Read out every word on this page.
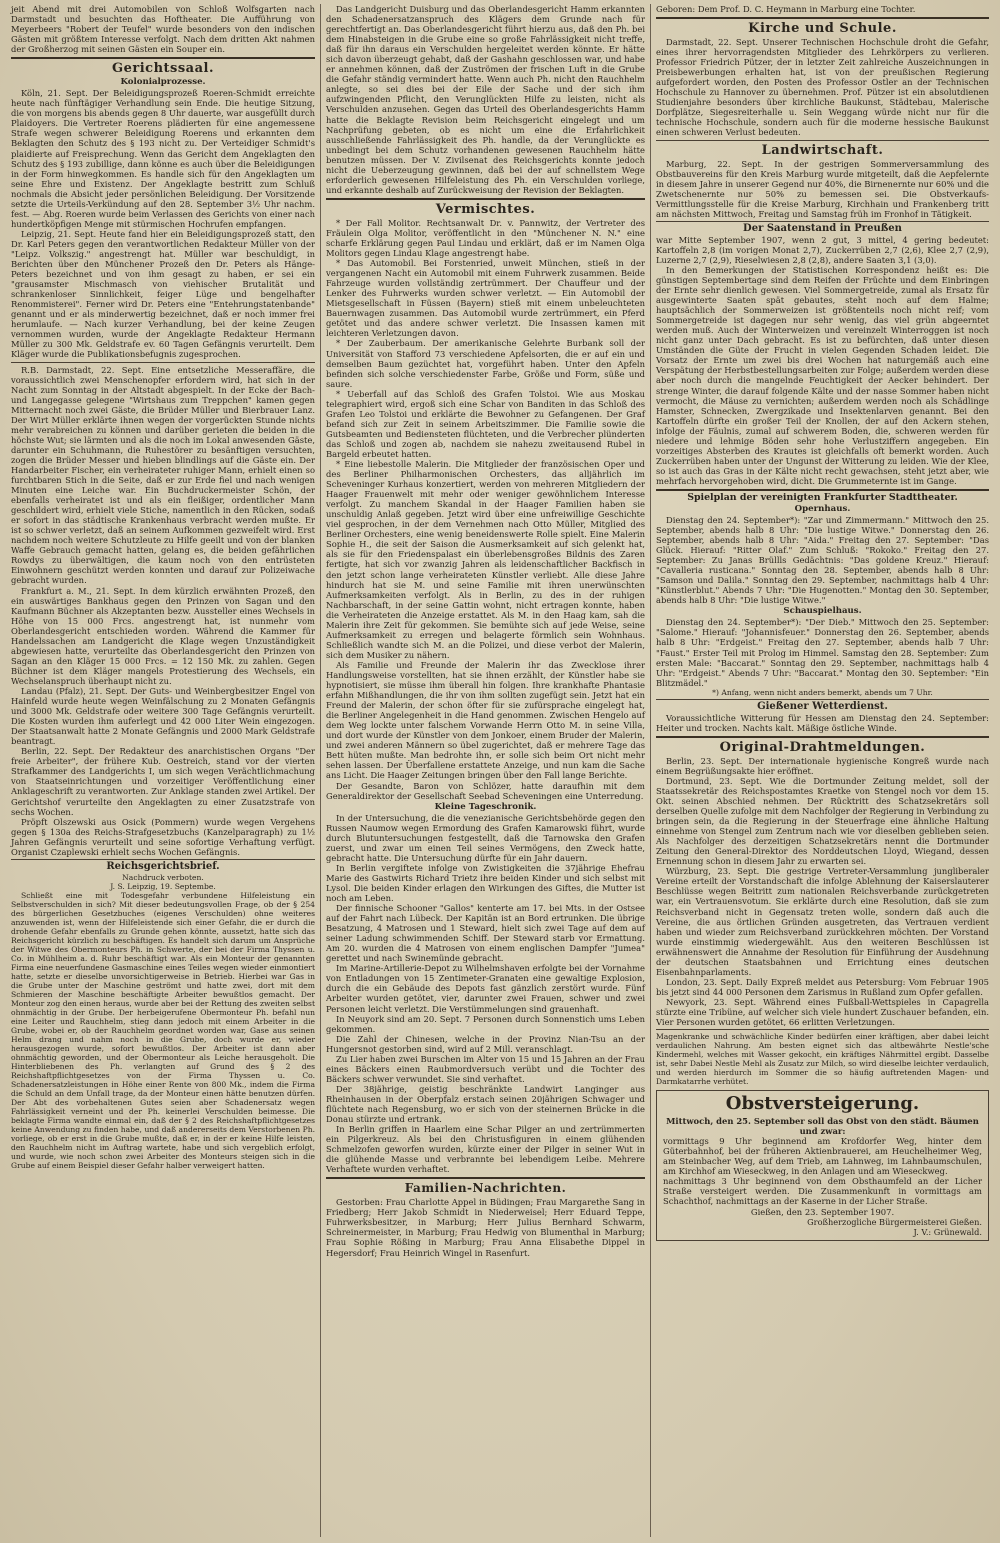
jeit Abend mit drei Automobilen von Schloß Wolfsgarten nach Darmstadt und besuchten das Hoftheater. Die Aufführung von Meyerbeers "Robert der Teufel" wurde besonders von den indischen Gästen mit größtem Interesse verfolgt. Nach dem dritten Akt nahmen der Großherzog mit seinen Gästen ein Souper ein.

Gerichtssaal.
Kolonialprozesse.

Köln, 21. Sept. Der Beleidigungsprozeß Roeren-Schmidt erreichte heute nach fünftägiger Verhandlung sein Ende. Die heutige Sitzung, die von morgens bis abends gegen 8 Uhr dauerte, war ausgefüllt durch Plaidoyers. Die Vertreter Roerens plädierten für eine angemessene Strafe wegen schwerer Beleidigung Roerens und erkannten dem Beklagten den Schutz des § 193 nicht zu. Der Verteidiger Schmidt's plaidierte auf Freisprechung. Wenn das Gericht dem Angeklagten den Schutz des § 193 zubillige, dann könne es auch über die Beleidigungen in der Form hinwegkommen. Es handle sich für den Angeklagten um seine Ehre und Existenz. Der Angeklagte bestritt zum Schluß nochmals die Absicht jeder persönlichen Beleidigung. Der Vorsitzende setzte die Urteils-Verkündung auf den 28. September 3½ Uhr nachm. fest. — Abg. Roeren wurde beim Verlassen des Gerichts von einer nach hundertköpfigen Menge mit stürmischen Hochrufen empfangen.

Leipzig, 21. Sept. Heute fand hier ein Beleidigungsprozeß statt, den Dr. Karl Peters gegen den verantwortlichen Redakteur Müller von der "Leipz. Volkszig." angestrengt hat. Müller war beschuldigt, in Berichten über den Münchener Prozeß den Dr. Peters als Hänge-Peters bezeichnet und von ihm gesagt zu haben, er sei ein "grausamster Mischmasch von viehischer Brutalität und schrankenloser Sinnlichkeit, feiger Lüge und bengelhafter Renommisterei". Ferner wird Dr. Peters eine "Entehrungstatenbande" genannt und er als minderwertig bezeichnet, daß er noch immer frei herumlaufe. — Nach kurzer Verhandlung, bei der keine Zeugen vernommen wurden, wurde der Angeklagte Redakteur Hermann Müller zu 300 Mk. Geldstrafe ev. 60 Tagen Gefängnis verurteilt. Dem Kläger wurde die Publikationsbefugnis zugesprochen.

R.B. Darmstadt, 22. Sept. Eine entsetzliche Messeraffäre, die voraussichtlich zwei Menschenopfer erfordern wird, hat sich in der Nacht zum Sonntag in der Altstadt abgespielt. In der Ecke der Bach- und Langegasse gelegene "Wirtshaus zum Treppchen" kamen gegen Mitternacht noch zwei Gäste, die Brüder Müller und Bierbrauer Lanz. Der Wirt Müller erklärte ihnen wegen der vorgerückten Stunde nichts mehr verabreichen zu können und darüber gerieten die beiden in die höchste Wut; sie lärmten und als die noch im Lokal anwesenden Gäste, darunter ein Schuhmann, die Ruhestörer zu besänftigen versuchten, zogen die Brüder Messer und hieben blindlings auf die Gäste ein. Der Handarbeiter Fischer, ein verheirateter ruhiger Mann, erhielt einen so furchtbaren Stich in die Seite, daß er zur Erde fiel und nach wenigen Minuten eine Leiche war. Ein Buchdruckermeister Schön, der ebenfalls verheiratet ist und als ein fleißiger, ordentlicher Mann geschildert wird, erhielt viele Stiche, namentlich in den Rücken, sodaß er sofort in das städtische Krankenhaus verbracht werden mußte. Er ist so schwer verletzt, daß an seinem Aufkommen gezweifelt wird. Erst nachdem noch weitere Schutzleute zu Hilfe geeilt und von der blanken Waffe Gebrauch gemacht hatten, gelang es, die beiden gefährlichen Rowdys zu überwältigen, die kaum noch von den entrüsteten Einwohnern geschützt werden konnten und darauf zur Polizeiwache gebracht wurden.

Frankfurt a. M., 21. Sept. In dem kürzlich erwähnten Prozeß, den ein auswärtiges Bankhaus gegen den Prinzen von Sagan und den Kaufmann Büchner als Akzeptanten bezw. Aussteller eines Wechsels in Höhe von 15 000 Frcs. angestrengt hat, ist nunmehr vom Oberlandesgericht entschieden worden. Während die Kammer für Handelssachen am Landgericht die Klage wegen Unzuständigkeit abgewiesen hatte, verurteilte das Oberlandesgericht den Prinzen von Sagan an den Kläger 15 000 Frcs. = 12 150 Mk. zu zahlen. Gegen Büchner ist dem Kläger mangels Protestierung des Wechsels, ein Wechselanspruch überhaupt nicht zu.

Landau (Pfalz), 21. Sept. Der Guts- und Weinbergbesitzer Engel von Hainfeld wurde heute wegen Weinfälschung zu 2 Monaten Gefängnis und 3000 Mk. Geldstrafe oder weitere 300 Tage Gefängnis verurteilt. Die Kosten wurden ihm auferlegt und 42 000 Liter Wein eingezogen. Der Staatsanwalt hatte 2 Monate Gefängnis und 2000 Mark Geldstrafe beantragt.

Berlin, 22. Sept. Der Redakteur des anarchistischen Organs "Der freie Arbeiter", der frühere Kub. Oestreich, stand vor der vierten Strafkammer des Landgerichts I, um sich wegen Verächtlichmachung von Staatseinrichtungen und vorzeitiger Veröffentlichung einer Anklageschrift zu verantworten. Zur Anklage standen zwei Artikel. Der Gerichtshof verurteilte den Angeklagten zu einer Zusatzstrafe von sechs Wochen.

Pröpft Olszewski aus Osick (Pommern) wurde wegen Vergehens gegen § 130a des Reichs-Strafgesetzbuchs (Kanzelparagraph) zu 1½ Jahren Gefängnis verurteilt und seine sofortige Verhaftung verfügt. Organist Czaplewski erhielt sechs Wochen Gefängnis.

Reichsgerichtsbrief.

Nachdruck verboten.

J. S. Leipzig, 19. Septembe.

Schließt eine mit Todesgefahr verbundene Hilfeleistung ein Selbstverschulden in sich? Mit dieser bedeutungsvollen Frage, ob der § 254 des bürgerlichen Gesetzbuches (eigenes Verschulden) ohne weiteres anzuwenden ist, wenn der Hilfeleistende sich einer Gefahr, die er durch die drohende Gefahr ebenfalls zu Grunde gehen könnte, aussetzt, hatte sich das Reichsgericht kürzlich zu beschäftigen. Es handelt sich darum um Ansprüche der Witwe des Obermonteurs Ph. in Schwerte, der bei der Firma Thyssen u. Co. in Mühlheim a. d. Ruhr beschäftigt war. Als ein Monteur der genannten Firma eine neuerfundene Gasmaschine eines Teiles wegen wieder einmontiert hatte, setzte er dieselbe unvorsichtigerweise in Betrieb. Hierbei war Gas in die Grube unter der Maschine geströmt und hatte zwei, dort mit dem Schmieren der Maschine beschäftigte Arbeiter bewußtlos gemacht. Der Monteur zog den einen heraus, wurde aber bei der Rettung des zweiten selbst ohnmächtig in der Grube. Der herbeigerufene Obermonteur Ph. befahl nun eine Leiter und Rauchhelm, stieg dann jedoch mit einem Arbeiter in die Grube, wobei er, ob der Rauchhelm geordnet worden war, Gase aus seinen Helm drang und nahm noch in die Grube, doch wurde er, wieder herausgezogen wurde, sofort bewußtlos. Der Arbeiter ist dann aber ohnmächtig geworden, und der Obermonteur als Leiche herausgeholt. Die Hinterbliebenen des Ph. verlangten auf Grund des § 2 des Reichshaftpflichtgesetzes von der Firma Thyssen u. Co. Schadenersatzleistungen in Höhe einer Rente von 800 Mk., indem die Firma die Schuld an dem Unfall trage, da der Monteur einen hätte benutzen dürfen. Der Abt des vorbehaltenen Gutes seien aber Schadenersatz wegen Fahrlässigkeit verneint und der Ph. keinerlei Verschulden beimesse. Die beklagte Firma wandte einmal ein, daß der § 2 des Reichshaftpflichtgesetzes keine Anwendung zu finden habe, und daß andererseits dem Verstorbenen Ph. vorliege, ob er erst in die Grube mußte, daß er, in der er keine Hilfe leisten, den Rauchhelm nicht im Auftrag wartete, habe und sich vergeblich erfolgt, und wurde, wie noch schon zwei Arbeiter des Monteurs steigen sich in die Grube auf einem Beispiel dieser Gefahr halber verweigert hatten.

Das Landgericht Duisburg und das Oberlandesgericht Hamm erkannten den Schadenersatzanspruch des Klägers dem Grunde nach für gerechtfertigt an. Das Oberlandesgericht führt hierzu aus, daß den Ph. bei dem Hinabsteigen in die Grube eine so große Fahrlässigkeit nicht treffe, daß für ihn daraus ein Verschulden hergeleitet werden könnte. Er hätte sich davon überzeugt gehabt, daß der Gashahn geschlossen war, und habe er annehmen können, daß der Zuströmen der frischen Luft in die Grube die Gefahr ständig vermindert hatte. Wenn auch Ph. nicht den Rauchhelm anlegte, so sei dies bei der Eile der Sache und der sich ihm aufzwingenden Pflicht, den Verunglückten Hilfe zu leisten, nicht als Verschulden anzusehen. Gegen das Urteil des Oberlandesgerichts Hamm hatte die Beklagte Revision beim Reichsgericht eingelegt und um Nachprüfung gebeten, ob es nicht um eine die Erfahrlichkeit ausschließende Fahrlässigkeit des Ph. handle, da der Verunglückte es unbedingt bei dem Schutz vorhandenen gewesenen Rauchhelm hätte benutzen müssen. Der V. Zivilsenat des Reichsgerichts konnte jedoch nicht die Ueberzeugung gewinnen, daß bei der auf schnellstem Wege erforderlich gewesenen Hilfeleistung des Ph. ein Verschulden vorliege, und erkannte deshalb auf Zurückweisung der Revision der Beklagten.

Vermischtes.

* Der Fall Molitor. Rechtsanwalt Dr. v. Pannwitz, der Vertreter des Fräulein Olga Molitor, veröffentlicht in den "Münchener N. N." eine scharfe Erklärung gegen Paul Lindau und erklärt, daß er im Namen Olga Molitors gegen Lindau Klage angestrengt habe.

* Das Automobil. Bei Forstenried, unweit München, stieß in der vergangenen Nacht ein Automobil mit einem Fuhrwerk zusammen. Beide Fahrzeuge wurden vollständig zertrümmert. Der Chauffeur und der Lenker des Fuhrwerks wurden schwer verletzt. — Ein Automobil der Mietsgesellschaft in Füssen (Bayern) stieß mit einem unbeleuchteten Bauernwagen zusammen. Das Automobil wurde zertrümmert, ein Pferd getötet und das andere schwer verletzt. Die Insassen kamen mit leichteren Verletzungen davon.

* Der Zauberbaum. Der amerikanische Gelehrte Burbank soll der Universität von Stafford 73 verschiedene Apfelsorten, die er auf ein und demselben Baum gezüchtet hat, vorgeführt haben. Unter den Apfeln befinden sich solche verschiedenster Farbe, Größe und Form, süße und saure.

* Ueberfall auf das Schloß des Grafen Tolstoi. Wie aus Moskau telegraphiert wird, ergoß sich eine Schar von Banditen in das Schloß des Grafen Leo Tolstoi und erklärte die Bewohner zu Gefangenen. Der Graf befand sich zur Zeit in seinem Arbeitszimmer. Die Familie sowie die Gutsbeamten und Bediensteten flüchteten, und die Verbrecher plünderten das Schloß und zogen ab, nachdem sie nahezu zweitausend Rubel in Bargeld erbeutet hatten.

* Eine liebestolle Malerin. Die Mitglieder der französischen Oper und des Berliner Philharmonischen Orchesters, das alljährlich im Scheveninger Kurhaus konzertiert, werden von mehreren Mitgliedern der Haager Frauenwelt mit mehr oder weniger gewöhnlichem Interesse verfolgt. Zu manchem Skandal in der Haager Familien haben sie unschuldig Anlaß gegeben. Jetzt wird über eine unfreiwillige Geschichte viel gesprochen, in der dem Vernehmen nach Otto Müller, Mitglied des Berliner Orchesters, eine wenig beneidenswerte Rolle spielt. Eine Malerin Sophie H., die seit der Saison die Ausmerksamkeit auf sich gelenkt hat, als sie für den Friedenspalast ein überlebensgroßes Bildnis des Zaren fertigte, hat sich vor zwanzig Jahren als leidenschaftlicher Backfisch in den jetzt schon lange verheirateten Künstler verliebt. Alle diese Jahre hindurch hat sie M. und seine Familie mit ihren unerwünschten Aufmerksamkeiten verfolgt. Als in Berlin, zu des in der ruhigen Nachbarschaft, in der seine Gattin wohnt, nicht ertragen konnte, haben die Verheirateten die Anzeige erstattet. Als M. in den Haag kam, sah die Malerin ihre Zeit für gekommen. Sie bemühte sich auf jede Weise, seine Aufmerksamkeit zu erregen und belagerte förmlich sein Wohnhaus. Schließlich wandte sich M. an die Polizei, und diese verbot der Malerin, sich dem Musiker zu nähern.

Als Familie und Freunde der Malerin ihr das Zwecklose ihrer Handlungsweise vorstellten, hat sie ihnen erzählt, der Künstler habe sie hypnotisiert, sie müsse ihm überall hin folgen. Ihre krankhafte Phantasie erfahn Mißhandlungen, die ihr von ihm sollten zugefügt sein. Jetzt hat ein Freund der Malerin, der schon öfter für sie zufürsprache eingelegt hat, die Berliner Angelegenheit in die Hand genommen. Zwischen Hengelo auf dem Weg lockte unter falschem Vorwande Herrn Otto M. in seine Villa, und dort wurde der Künstler von dem Jonkoer, einem Bruder der Malerin, und zwei anderen Männern so übel zugerichtet, daß er mehrere Tage das Bett hüten mußte. Man bedrohte ihn, er solle sich beim Ort nicht mehr sehen lassen. Der Überfallene erstattete Anzeige, und nun kam die Sache ans Licht. Die Haager Zeitungen bringen über den Fall lange Berichte.

Der Gesandte, Baron von Schlözer, hatte daraufhin mit dem Generaldirektor der Gesellschaft Seebad Scheveningen eine Unterredung.

Kleine Tageschronik.

In der Untersuchung, die die venezianische Gerichtsbehörde gegen den Russen Naumow wegen Ermordung des Grafen Kamarowski führt, wurde durch Blutuntersuchungen festgestellt, daß die Tarnowska den Grafen zuerst, und zwar um einen Teil seines Vermögens, den Zweck hatte, gebracht hatte. Die Untersuchung dürfte für ein Jahr dauern.

In Berlin vergiftete infolge von Zwistigkeiten die 37jährige Ehefrau Marie des Gastwirts Richard Trietz ihre beiden Kinder und sich selbst mit Lysol. Die beiden Kinder erlagen den Wirkungen des Giftes, die Mutter ist noch am Leben.

Der finnische Schooner "Gallos" kenterte am 17. bei Mts. in der Ostsee auf der Fahrt nach Lübeck. Der Kapitän ist an Bord ertrunken. Die übrige Besatzung, 4 Matrosen und 1 Steward, hielt sich zwei Tage auf dem auf seiner Ladung schwimmenden Schiff. Der Steward starb vor Ermattung. Am 20. wurden die 4 Matrosen von einem englischen Dampfer "Jumea" gerettet und nach Swinemünde gebracht.

Im Marine-Artillerie-Depot zu Wilhelmshaven erfolgte bei der Vornahme von Entladungen von 15 Zentimeter-Granaten eine gewaltige Explosion, durch die ein Gebäude des Depots fast gänzlich zerstört wurde. Fünf Arbeiter wurden getötet, vier, darunter zwei Frauen, schwer und zwei Personen leicht verletzt. Die Verstümmelungen sind grauenhaft.

In Neuyork sind am 20. Sept. 7 Personen durch Sonnenstich ums Leben gekommen.

Die Zahl der Chinesen, welche in der Provinz Nian-Tsu an der Hungersnot gestorben sind, wird auf 2 Mill. veranschlagt.

Zu Lier haben zwei Burschen im Alter von 15 und 15 Jahren an der Frau eines Bäckers einen Raubmordversuch verübt und die Tochter des Bäckers schwer verwundet. Sie sind verhaftet.

Der 38jährige, geistig beschränkte Landwirt Langinger aus Rheinhausen in der Oberpfalz erstach seinen 20jährigen Schwager und flüchtete nach Regensburg, wo er sich von der steinernen Brücke in die Donau stürzte und ertrank.

In Berlin griffen in Haarlem eine Schar Pilger an und zertrümmerten ein Pilgerkreuz. Als bei den Christusfiguren in einem glühenden Schmelzofen geworfen wurden, kürzte einer der Pilger in seiner Wut in die glühende Masse und verbrannte bei lebendigem Leibe. Mehrere Verhaftete wurden verhaftet.

Familien-Nachrichten.

Gestorben: Frau Charlotte Appel in Büdingen; Frau Margarethe Sang in Friedberg; Herr Jakob Schmidt in Niederweisel; Herr Eduard Teppe, Fuhrwerksbesitzer, in Marburg; Herr Julius Bernhard Schwarm, Schreinermeister, in Marburg; Frau Hedwig von Blumenthal in Marburg; Frau Sophie Rößing in Marburg; Frau Anna Elisabethe Dippel in Hegersdorf; Frau Heinrich Wingel in Rasenfurt.

Geboren: Dem Prof. D. C. Heymann in Marburg eine Tochter.

Kirche und Schule.

Darmstadt, 22. Sept. Unserer Technischen Hochschule droht die Gefahr, eines ihrer hervorragendsten Mitglieder des Lehrkörpers zu verlieren. Professor Friedrich Pützer, der in letzter Zeit zahlreiche Auszeichnungen in Preisbewerbungen erhalten hat, ist von der preußischen Regierung aufgefordert worden, den Posten des Professor Ostler an der Technischen Hochschule zu Hannover zu übernehmen. Prof. Pützer ist ein absolutdienen Studienjahre besonders über kirchliche Baukunst, Städtebau, Malerische Dorfplätze, Siegesreiterhalle u. Sein Weggang würde nicht nur für die technische Hochschule, sondern auch für die moderne hessische Baukunst einen schweren Verlust bedeuten.

Landwirtschaft.

Marburg, 22. Sept. In der gestrigen Sommerversammlung des Obstbauvereins für den Kreis Marburg wurde mitgeteilt, daß die Aepfelernte in diesem Jahre in unserer Gegend nur 40%, die Birnenernte nur 60% und die Zwetschenernte nur 50% zu bemessen sei. Die Obstverkaufs-Vermittlungsstelle für die Kreise Marburg, Kirchhain und Frankenberg tritt am nächsten Mittwoch, Freitag und Samstag früh im Fronhof in Tätigkeit.

Der Saatenstand in Preußen

war Mitte September 1907, wenn 2 gut, 3 mittel, 4 gering bedeutet: Kartoffeln 2,8 (im vorigen Monat 2,7), Zuckerrüben 2,7 (2,6), Klee 2,7 (2,9), Luzerne 2,7 (2,9), Rieselwiesen 2,8 (2,8), andere Saaten 3,1 (3,0).

In den Bemerkungen der Statistischen Korrespondenz heißt es: Die günstigen Septembertage sind dem Reifen der Früchte und dem Einbringen der Ernte sehr dienlich gewesen. Viel Sommergetreide, zumal als Ersatz für ausgewinterte Saaten spät gebautes, steht noch auf dem Halme; hauptsächlich der Sommerweizen ist größtenteils noch nicht reif; vom Sommergetreide ist dagegen nur sehr wenig, das viel grün abgeerntet werden muß. Auch der Winterweizen und vereinzelt Winterroggen ist noch nicht ganz unter Dach gebracht. Es ist zu befürchten, daß unter diesen Umständen die Güte der Frucht in vielen Gegenden Schaden leidet. Die Vorsatz der Ernte um zwei bis drei Wochen hat naturgemäß auch eine Verspätung der Herbstbestellungsarbeiten zur Folge; außerdem werden diese aber noch durch die mangelnde Feuchtigkeit der Aecker behindert. Der strenge Winter, die darauf folgende Kälte und der nasse Sommer haben nicht vermocht, die Mäuse zu vernichten; außerdem werden noch als Schädlinge Hamster, Schnecken, Zwergzikade und Insektenlarven genannt. Bei den Kartoffeln dürfte ein großer Teil der Knollen, der auf den Ackern stehen, infolge der Fäulnis, zumal auf schwerem Boden, die, schweren werden für niedere und lehmige Böden sehr hohe Verlustziffern angegeben. Ein vorzeitiges Absterben des Krautes ist gleichfalls oft bemerkt worden. Auch Zuckerrüben haben unter der Ungunst der Witterung zu leiden. Wie der Klee, so ist auch das Gras in der Kälte nicht recht gewachsen, steht jetzt aber, wie mehrfach hervorgehoben wird, dicht. Die Grummeternte ist im Gange.

Spielplan der vereinigten Frankfurter Stadttheater.
Opernhaus.

Dienstag den 24. September*): "Zar und Zimmermann." Mittwoch den 25. September, abends halb 8 Uhr: "Die lustige Witwe." Donnerstag den 26. September, abends halb 8 Uhr: "Aida." Freitag den 27. September: "Das Glück. Hierauf: "Ritter Olaf." Zum Schluß: "Rokoko." Freitag den 27. September: Zu Janas Brüllls Gedächtnis: "Das goldene Kreuz." Hierauf: "Cavalleria rusticana." Sonntag den 28. September, abends halb 8 Uhr: "Samson und Dalila." Sonntag den 29. September, nachmittags halb 4 Uhr: "Künstlerblut." Abends 7 Uhr: "Die Hugenotten." Montag den 30. September, abends halb 8 Uhr: "Die lustige Witwe."

Schauspielhaus.

Dienstag den 24. September*): "Der Dieb." Mittwoch den 25. September: "Salome." Hierauf: "Johannisfeuer." Donnerstag den 26. September, abends halb 8 Uhr: "Erdgeist." Freitag den 27. September, abends halb 7 Uhr: "Faust." Erster Teil mit Prolog im Himmel. Samstag den 28. September: Zum ersten Male: "Baccarat." Sonntag den 29. September, nachmittags halb 4 Uhr: "Erdgeist." Abends 7 Uhr: "Baccarat." Montag den 30. September: "Ein Blitzmädel."

*) Anfang, wenn nicht anders bemerkt, abends um 7 Uhr.

Gießener Wetterdienst.

Voraussichtliche Witterung für Hessen am Dienstag den 24. September: Heiter und trocken. Nachts kalt. Mäßige östliche Winde.

Original-Drahtmeldungen.

Berlin, 23. Sept. Der internationale hygienische Kongreß wurde nach einem Begrüßungsakte hier eröffnet.

Dortmund, 23. Sept. Wie die Dortmunder Zeitung meldet, soll der Staatssekretär des Reichspostamtes Kraetke von Stengel noch vor dem 15. Okt. seinen Abschied nehmen. Der Rücktritt des Schatzsekretärs soll derselben Quelle zufolge mit dem Nachfolger der Regierung in Verbindung zu bringen sein, da die Regierung in der Steuerfrage eine ähnliche Haltung einnehme von Stengel zum Zentrum nach wie vor dieselben geblieben seien. Als Nachfolger des derzeitigen Schatzsekretärs nennt die Dortmunder Zeitung den General-Direktor des Norddeutschen Lloyd, Wiegand, dessen Ernennung schon in diesem Jahr zu erwarten sei.

Würzburg, 23. Sept. Die gestrige Vertreter-Versammlung jungliberaler Vereine erteilt der Vorstandschaft die infolge Ablehnung der Kaiserslauterer Beschlüsse wegen Beitritt zum nationalen Reichsverbande zurückgetreten war, ein Vertrauensvotum. Sie erklärte durch eine Resolution, daß sie zum Reichsverband nicht in Gegensatz treten wolle, sondern daß auch die Vereine, die aus örtlichen Gründen ausgetreten, das Vertrauen verdient haben und wieder zum Reichsverband zurückkehren möchten. Der Vorstand wurde einstimmig wiedergewählt. Aus den weiteren Beschlüssen ist erwähnenswert die Annahme der Resolution für Einführung der Ausdehnung der deutschen Staatsbahnen und Errichtung eines deutschen Eisenbahnparlaments.

London, 23. Sept. Daily Expreß meldet aus Petersburg: Vom Februar 1905 bis jetzt sind 44 000 Personen dem Zarismus in Rußland zum Opfer gefallen.

Newyork, 23. Sept. Während eines Fußball-Wettspieles in Capagrella stürzte eine Tribüne, auf welcher sich viele hundert Zuschauer befanden, ein. Vier Personen wurden getötet, 66 erlitten Verletzungen.

Magenkranke und schwächliche Kinder bedürfen einer kräftigen, aber dabei leicht verdaulichen Nahrung. Am besten eignet sich das altbewährte Nestle'sche Kindermehl, welches mit Wasser gekocht, ein kräftiges Nährmittel ergibt. Dasselbe ist, sehr Dabei Nestle Mehl als Zusatz zur Milch, so wird dieselbe leichter verdaulich, und werden hierdurch im Sommer die so häufig auftretenden Magen- und Darmkatarrhe verhütet.

Obstversteigerung.

Mittwoch, den 25. September soll das Obst von den städt. Bäumen und zwar:

vormittags 9 Uhr beginnend am Krofdorfer Weg, hinter dem Güterbahnhof, bei der früheren Aktienbrauerei, am Heuchelheimer Weg, am Steinbacher Weg, auf dem Trieb, am Lahnweg, im Lahnbaumschulen, am Kirchhof am Wieseckweg, in den Anlagen und am Wieseckweg.

nachmittags 3 Uhr beginnend von dem Obsthaumfeld an der Licher Straße versteigert werden. Die Zusammenkunft in vormittags am Schachthof, nachmittags an der Kaserne in der Licher Straße.

Gießen, den 23. September 1907.

Großherzogliche Bürgermeisterei Gießen.

J. V.: Grünewald.
